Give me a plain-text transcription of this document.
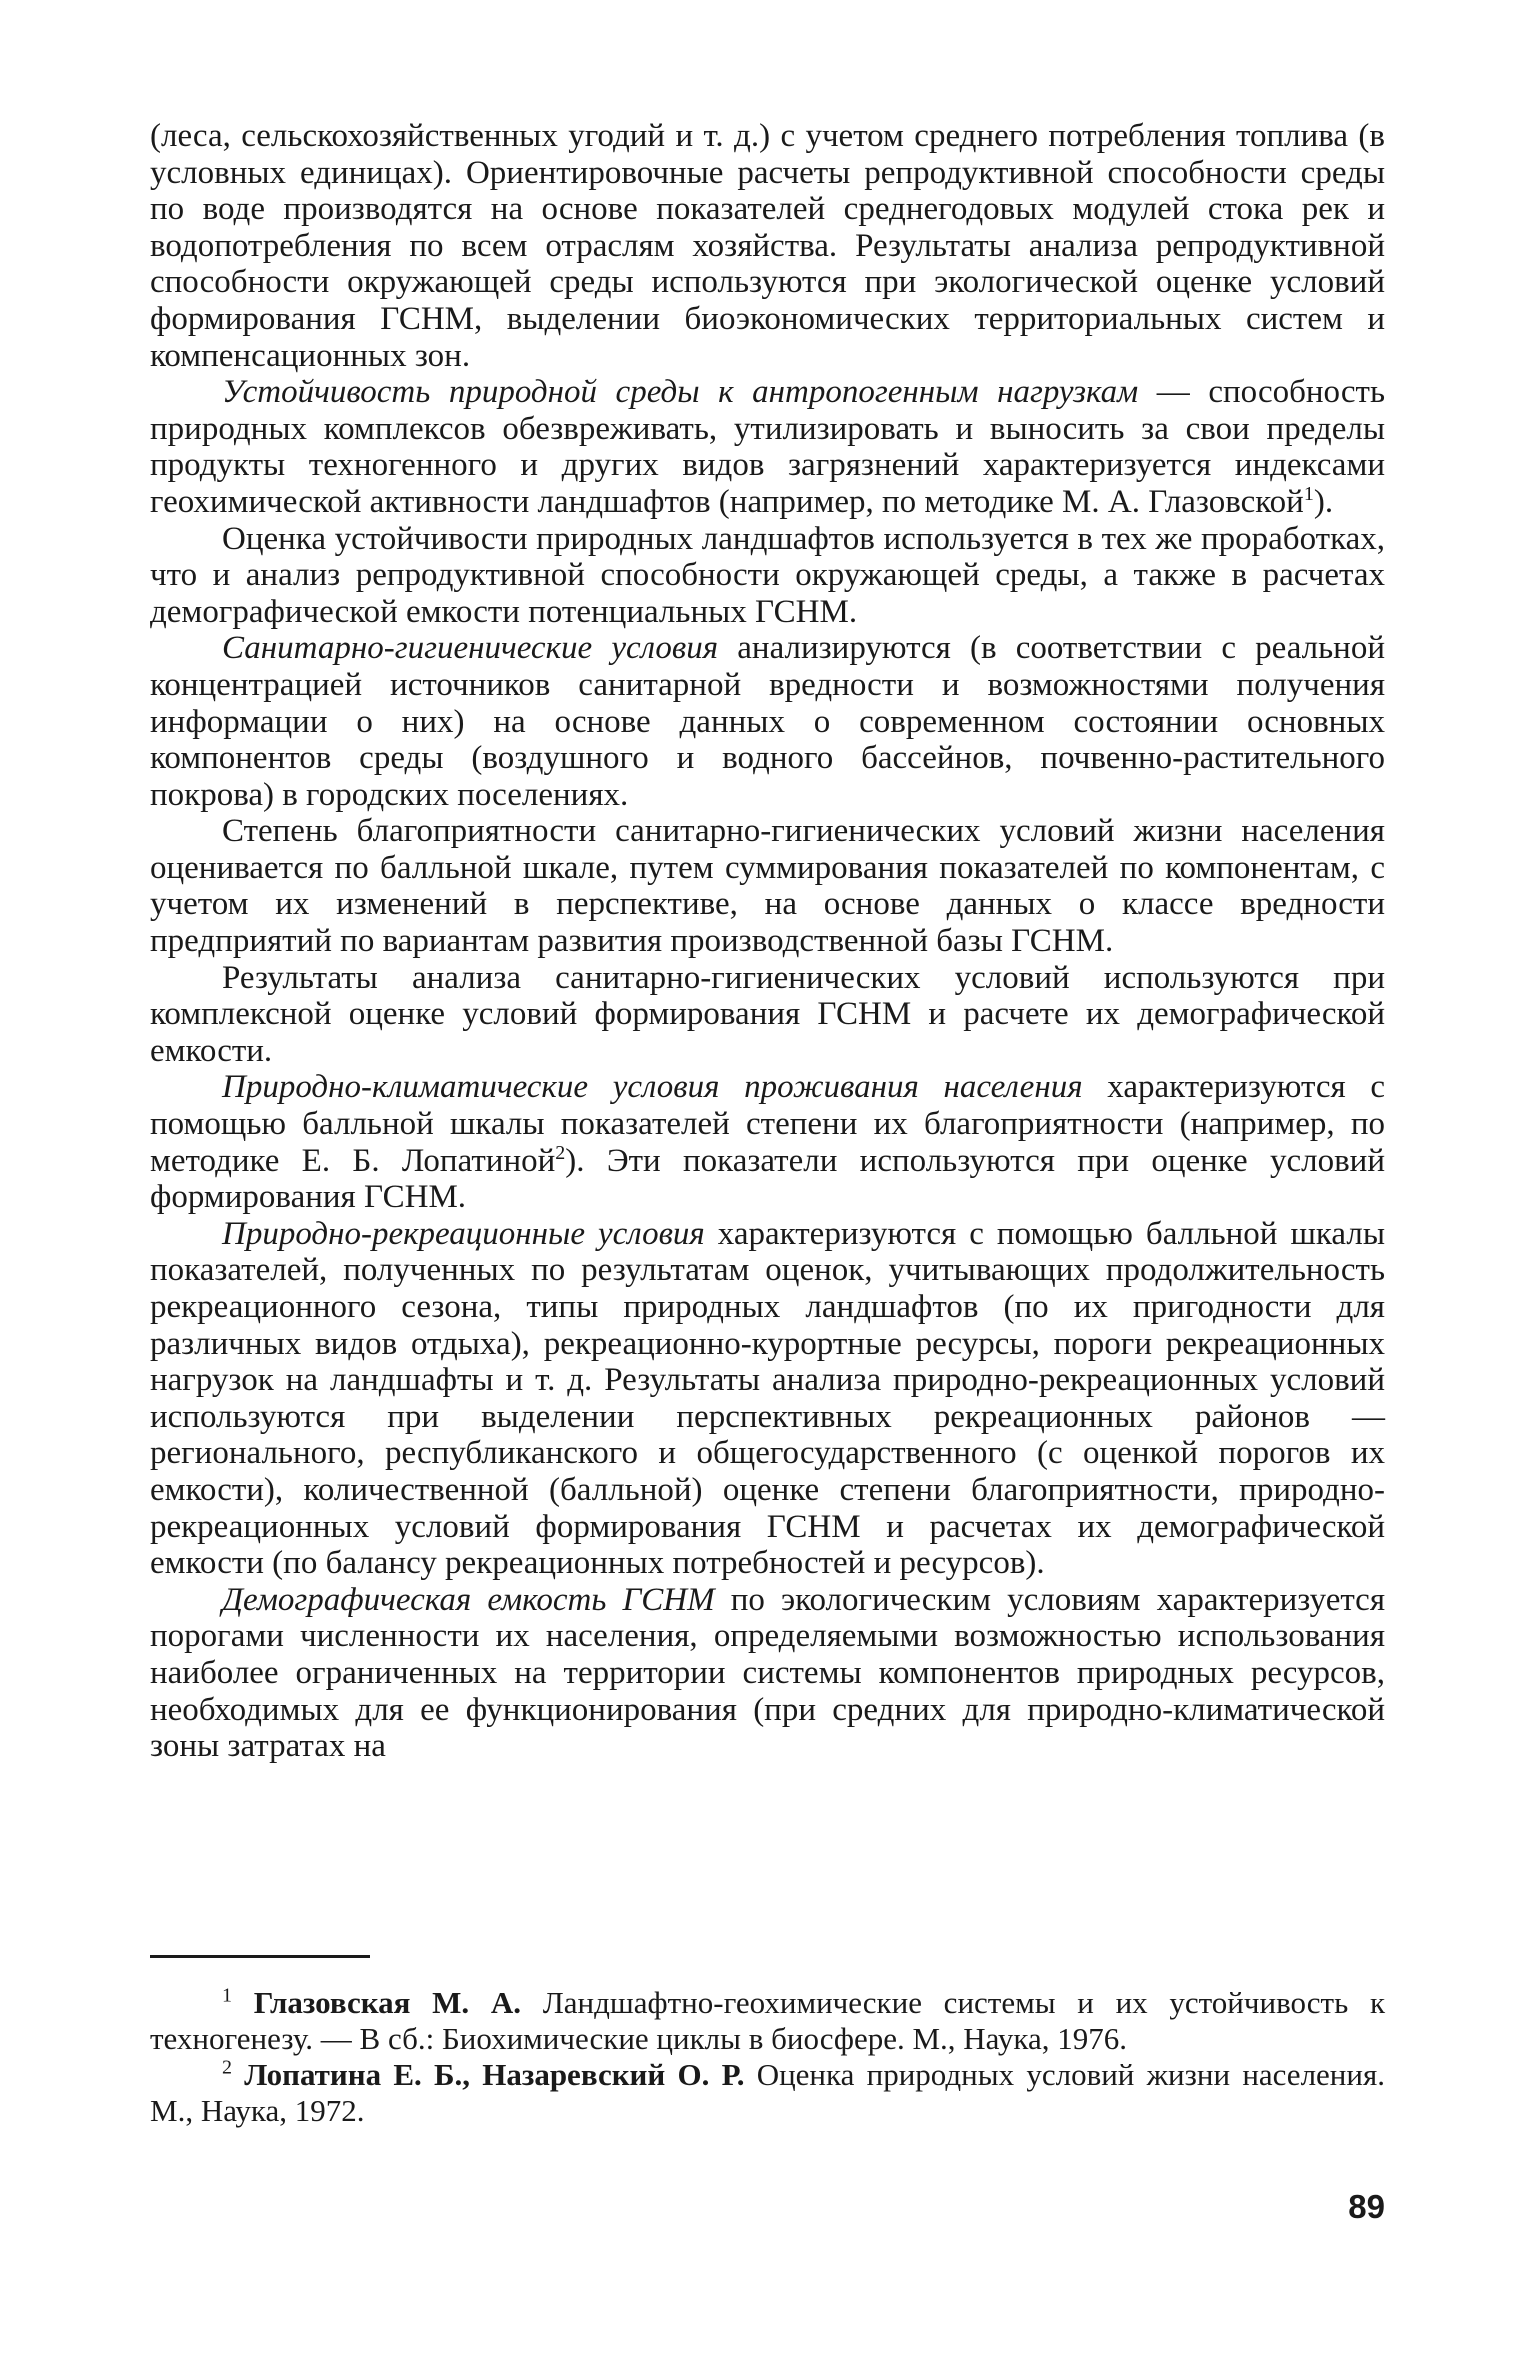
(леса, сельскохозяйственных угодий и т. д.) с учетом среднего потребления топлива (в условных единицах). Ориентировочные расчеты репродуктивной способности среды по воде производятся на основе показателей среднегодовых модулей стока рек и водопотребления по всем отраслям хозяйства. Результаты анализа репродуктивной способности окружающей среды используются при экологической оценке условий формирования ГСНМ, выделении биоэкономических территориальных систем и компенсационных зон.

Устойчивость природной среды к антропогенным нагрузкам — способность природных комплексов обезвреживать, утилизировать и выносить за свои пределы продукты техногенного и других видов загрязнений характеризуется индексами геохимической активности ландшафтов (например, по методике М. А. Глазовской$^1$).

Оценка устойчивости природных ландшафтов используется в тех же проработках, что и анализ репродуктивной способности окружающей среды, а также в расчетах демографической емкости потенциальных ГСНМ.

Санитарно-гигиенические условия анализируются (в соответствии с реальной концентрацией источников санитарной вредности и возможностями получения информации о них) на основе данных о современном состоянии основных компонентов среды (воздушного и водного бассейнов, почвенно-растительного покрова) в городских поселениях.

Степень благоприятности санитарно-гигиенических условий жизни населения оценивается по балльной шкале, путем суммирования показателей по компонентам, с учетом их изменений в перспективе, на основе данных о классе вредности предприятий по вариантам развития производственной базы ГСНМ.

Результаты анализа санитарно-гигиенических условий используются при комплексной оценке условий формирования ГСНМ и расчете их демографической емкости.

Природно-климатические условия проживания населения характеризуются с помощью балльной шкалы показателей степени их благоприятности (например, по методике Е. Б. Лопатиной$^2$). Эти показатели используются при оценке условий формирования ГСНМ.

Природно-рекреационные условия характеризуются с помощью балльной шкалы показателей, полученных по результатам оценок, учитывающих продолжительность рекреационного сезона, типы природных ландшафтов (по их пригодности для различных видов отдыха), рекреационно-курортные ресурсы, пороги рекреационных нагрузок на ландшафты и т. д. Результаты анализа природно-рекреационных условий используются при выделении перспективных рекреационных районов — регионального, республиканского и общегосударственного (с оценкой порогов их емкости), количественной (балльной) оценке степени благоприятности, природно-рекреационных условий формирования ГСНМ и расчетах их демографической емкости (по балансу рекреационных потребностей и ресурсов).

Демографическая емкость ГСНМ по экологическим условиям характеризуется порогами численности их населения, определяемыми возможностью использования наиболее ограниченных на территории системы компонентов природных ресурсов, необходимых для ее функционирования (при средних для природно-климатической зоны затратах на

$^1$ Глазовская М. А. Ландшафтно-геохимические системы и их устойчивость к техногенезу. — В сб.: Биохимические циклы в биосфере. М., Наука, 1976.

$^2$ Лопатина Е. Б., Назаревский О. Р. Оценка природных условий жизни населения. М., Наука, 1972.

89
